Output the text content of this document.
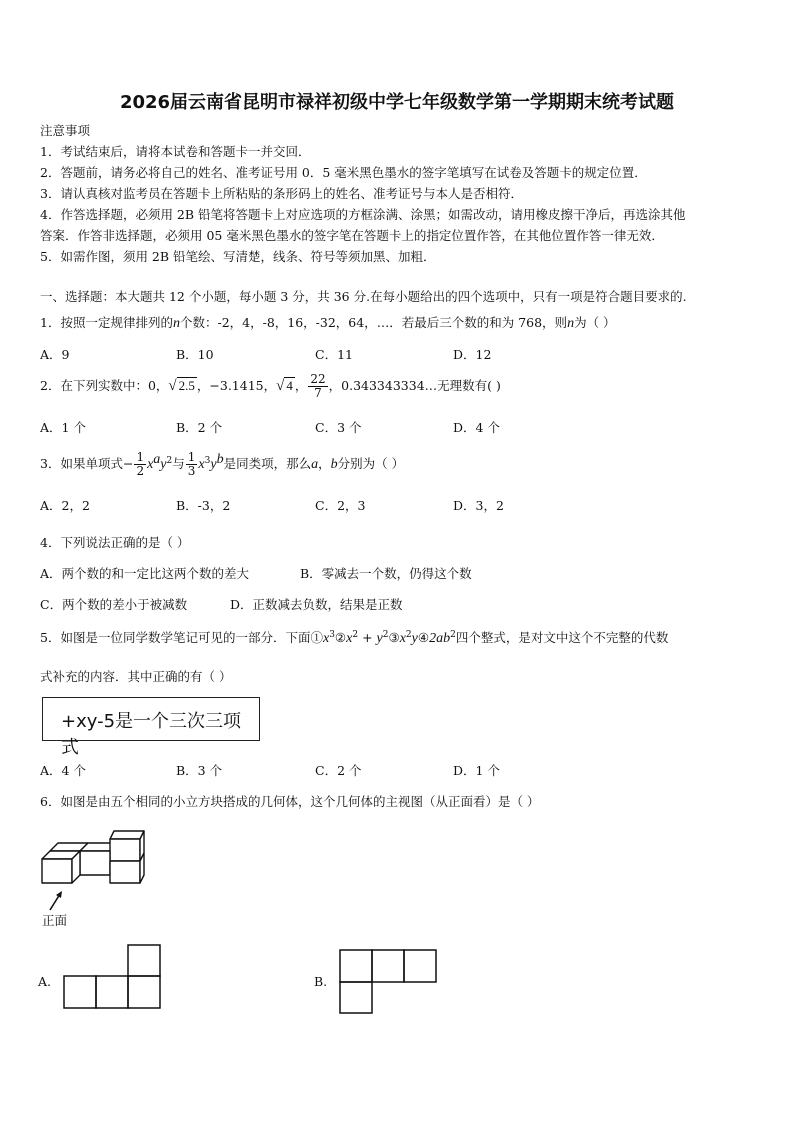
2026届云南省昆明市禄祥初级中学七年级数学第一学期期末统考试题
注意事项
1．考试结束后，请将本试卷和答题卡一并交回．
2．答题前，请务必将自己的姓名、准考证号用 0．5 毫米黑色墨水的签字笔填写在试卷及答题卡的规定位置．
3．请认真核对监考员在答题卡上所粘贴的条形码上的姓名、准考证号与本人是否相符．
4．作答选择题，必须用 2B 铅笔将答题卡上对应选项的方框涂满、涂黑；如需改动，请用橡皮擦干净后，再选涂其他
答案．作答非选择题，必须用 05 毫米黑色墨水的签字笔在答题卡上的指定位置作答，在其他位置作答一律无效．
5．如需作图，须用 2B 铅笔绘、写清楚，线条、符号等须加黑、加粗．
一、选择题：本大题共 12 个小题，每小题 3 分，共 36 分.在每小题给出的四个选项中，只有一项是符合题目要求的.
1．按照一定规律排列的n个数：-2，4，-8，16，-32，64，…．若最后三个数的和为 768，则n为（ ）
A．9	B．10	C．11	D．12
2．在下列实数中：0，√ 2.5 ，−3.1415，√ 4 ， $\frac{22}{7}$ ，0.343343334…无理数有( )
A．1 个	B．2 个	C．3 个	D．4 个
3．如果单项式− $\frac{1}{2} x^ay^2$与 $\frac{1}{3} x^3y^b$是同类项，那么a，b分别为（ ）
A．2，2	B．-3，2	C．2，3	D．3，2
4．下列说法正确的是（ ）
A．两个数的和一定比这两个数的差大	B．零减去一个数，仍得这个数
C．两个数的差小于被减数	D．正数减去负数，结果是正数
5．如图是一位同学数学笔记可见的一部分．下面$①x^3②x^2$ + $y^2③x^2y④2ab^2$四个整式，是对文中这个不完整的代数
式补充的内容．其中正确的有（ ）
+xy-5是一个三次三项式
A．4 个	B．3 个	C．2 个	D．1 个
6．如图是由五个相同的小立方块搭成的几何体，这个几何体的主视图（从正面看）是（ ）
正面
A.	B.
